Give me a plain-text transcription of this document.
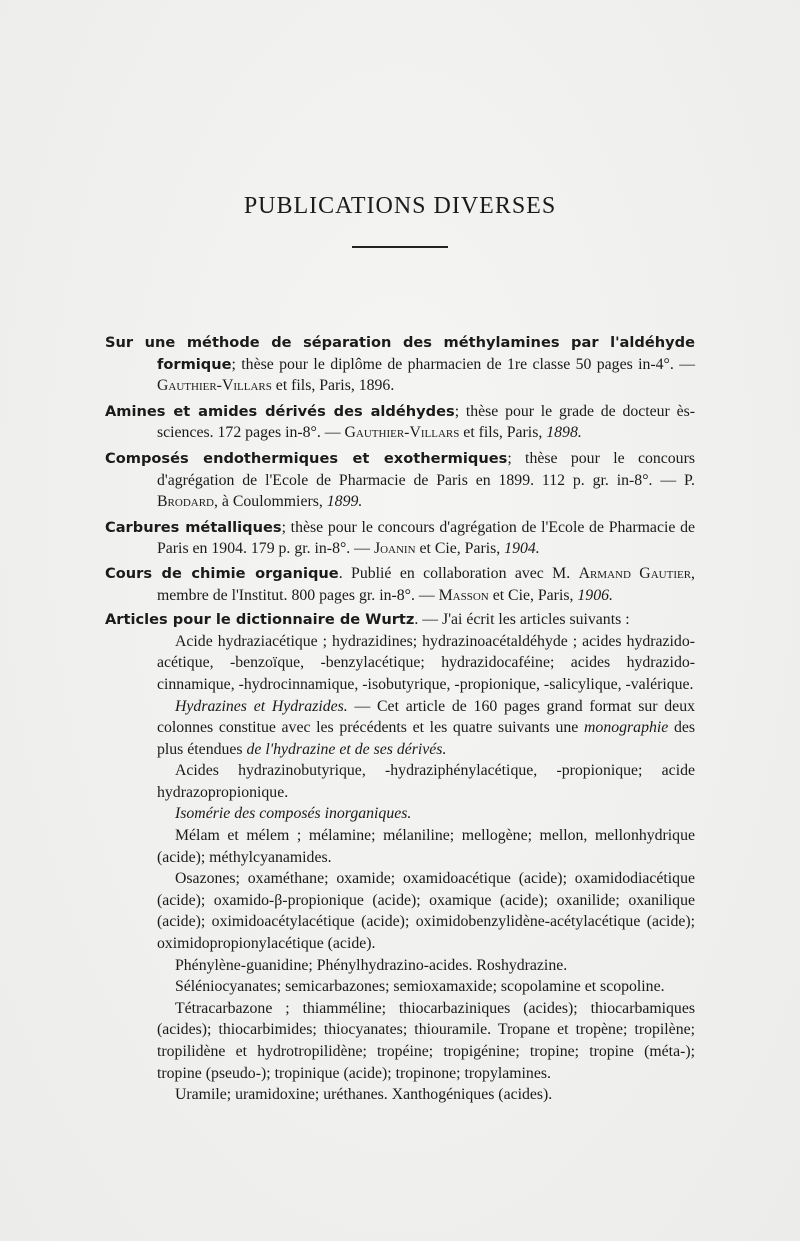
PUBLICATIONS DIVERSES

Sur une méthode de séparation des méthylamines par l'aldéhyde formique; thèse pour le diplôme de pharmacien de 1re classe 50 pages in-4°. — Gauthier-Villars et fils, Paris, 1896.

Amines et amides dérivés des aldéhydes; thèse pour le grade de docteur ès-sciences. 172 pages in-8°. — Gauthier-Villars et fils, Paris, 1898.

Composés endothermiques et exothermiques; thèse pour le concours d'agrégation de l'Ecole de Pharmacie de Paris en 1899. 112 p. gr. in-8°. — P. Brodard, à Coulommiers, 1899.

Carbures métalliques; thèse pour le concours d'agrégation de l'Ecole de Pharmacie de Paris en 1904. 179 p. gr. in-8°. — Joanin et Cie, Paris, 1904.

Cours de chimie organique. Publié en collaboration avec M. Armand Gautier, membre de l'Institut. 800 pages gr. in-8°. — Masson et Cie, Paris, 1906.

Articles pour le dictionnaire de Wurtz. — J'ai écrit les articles suivants :

Acide hydraziacétique ; hydrazidines; hydrazinoacétaldéhyde ; acides hydrazido-acétique, -benzoïque, -benzylacétique; hydrazidocaféine; acides hydrazido-cinnamique, -hydrocinnamique, -isobutyrique, -propionique, -salicylique, -valérique.

Hydrazines et Hydrazides. — Cet article de 160 pages grand format sur deux colonnes constitue avec les précédents et les quatre suivants une monographie des plus étendues de l'hydrazine et de ses dérivés.

Acides hydrazinobutyrique, -hydraziphénylacétique, -propionique; acide hydrazopropionique.

Isomérie des composés inorganiques.

Mélam et mélem ; mélamine; mélaniline; mellogène; mellon, mellonhydrique (acide); méthylcyanamides.

Osazones; oxaméthane; oxamide; oxamidoacétique (acide); oxamidodiacétique (acide); oxamido-β-propionique (acide); oxamique (acide); oxanilide; oxanilique (acide); oximidoacétylacétique (acide); oximidobenzylidène-acétylacétique (acide); oximidopropionylacétique (acide).

Phénylène-guanidine; Phénylhydrazino-acides. Roshydrazine.

Séléniocyanates; semicarbazones; semioxamaxide; scopolamine et scopoline.

Tétracarbazone ; thiamméline; thiocarbaziniques (acides); thiocarbamiques (acides); thiocarbimides; thiocyanates; thiouramile. Tropane et tropène; tropilène; tropilidène et hydrotropilidène; tropéine; tropigénine; tropine; tropine (méta-); tropine (pseudo-); tropinique (acide); tropinone; tropylamines.

Uramile; uramidoxine; uréthanes. Xanthogéniques (acides).
